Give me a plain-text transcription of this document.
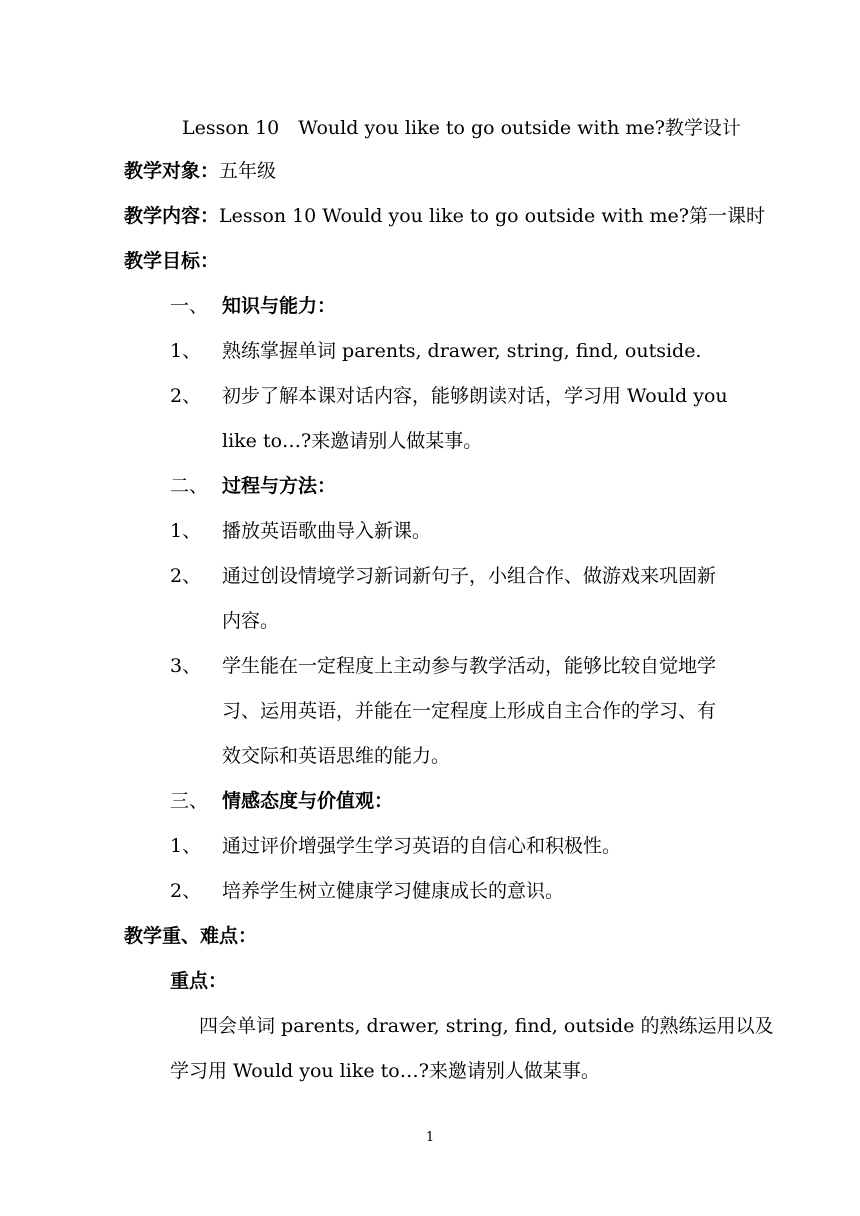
Lesson 10　Would you like to go outside with me?教学设计
教学对象：五年级
教学内容：Lesson 10 Would you like to go outside with me?第一课时
教学目标：
一、 知识与能力：
1、 熟练掌握单词 parents, drawer, string, find, outside.
2、 初步了解本课对话内容，能够朗读对话，学习用 Would you
like to…?来邀请别人做某事。
二、 过程与方法：
1、 播放英语歌曲导入新课。
2、 通过创设情境学习新词新句子，小组合作、做游戏来巩固新
内容。
3、 学生能在一定程度上主动参与教学活动，能够比较自觉地学
习、运用英语，并能在一定程度上形成自主合作的学习、有
效交际和英语思维的能力。
三、 情感态度与价值观：
1、 通过评价增强学生学习英语的自信心和积极性。
2、 培养学生树立健康学习健康成长的意识。
教学重、难点：
重点：
四会单词 parents, drawer, string, find, outside 的熟练运用以及
学习用 Would you like to…?来邀请别人做某事。
1
